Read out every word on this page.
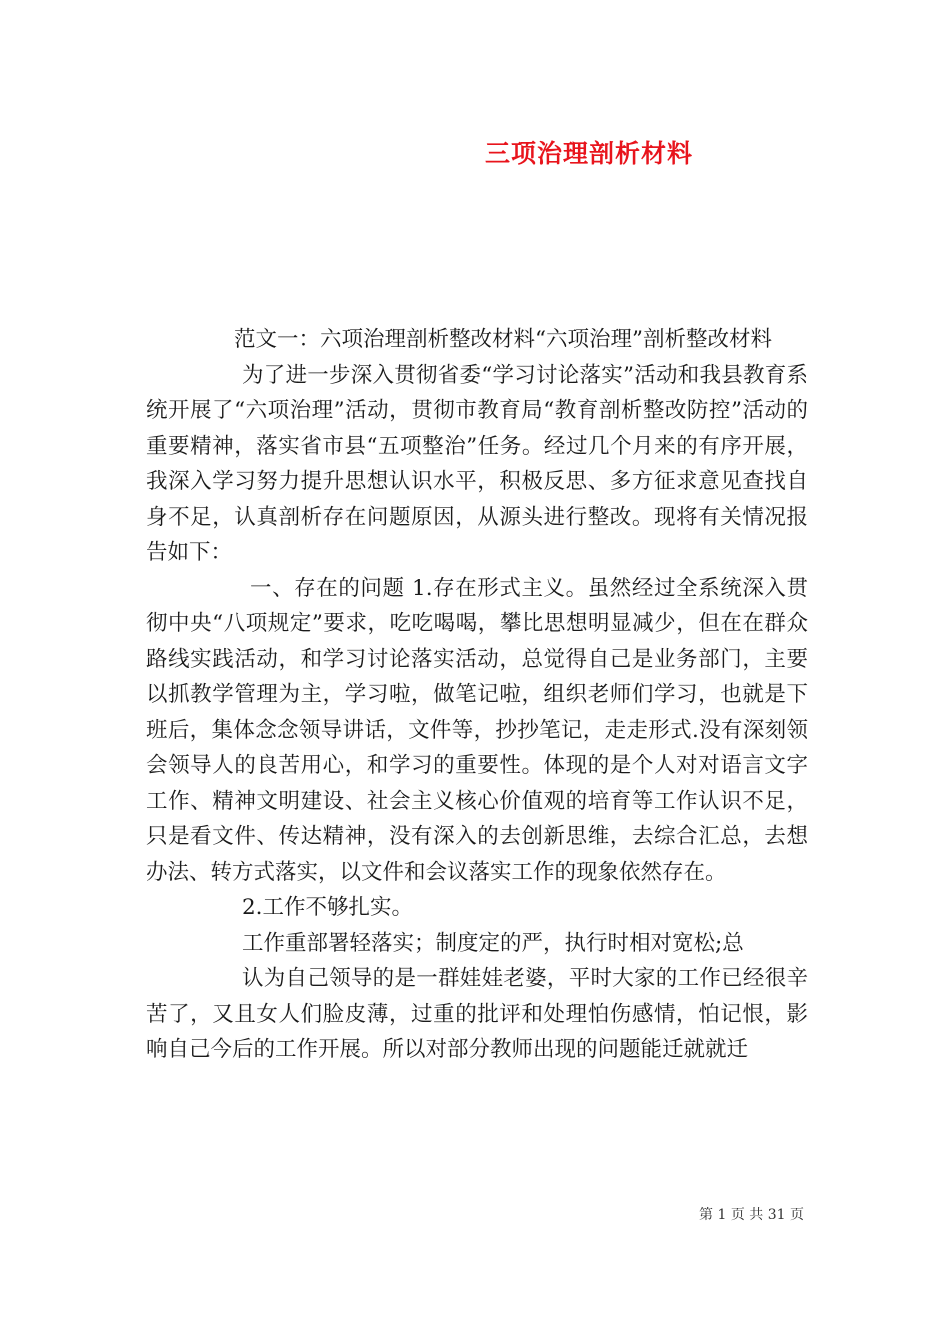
三项治理剖析材料

范文一：六项治理剖析整改材料“六项治理”剖析整改材料

为了进一步深入贯彻省委“学习讨论落实”活动和我县教育系统开展了“六项治理”活动，贯彻市教育局“教育剖析整改防控”活动的重要精神，落实省市县“五项整治”任务。经过几个月来的有序开展，我深入学习努力提升思想认识水平，积极反思、多方征求意见查找自身不足，认真剖析存在问题原因，从源头进行整改。现将有关情况报告如下：

一、存在的问题 1.存在形式主义。虽然经过全系统深入贯彻中央“八项规定”要求，吃吃喝喝，攀比思想明显减少，但在在群众路线实践活动，和学习讨论落实活动，总觉得自己是业务部门，主要以抓教学管理为主，学习啦，做笔记啦，组织老师们学习，也就是下班后，集体念念领导讲话，文件等，抄抄笔记，走走形式.没有深刻领会领导人的良苦用心，和学习的重要性。体现的是个人对对语言文字工作、精神文明建设、社会主义核心价值观的培育等工作认识不足，只是看文件、传达精神，没有深入的去创新思维，去综合汇总，去想办法、转方式落实，以文件和会议落实工作的现象依然存在。

2.工作不够扎实。

工作重部署轻落实；制度定的严，执行时相对宽松;总

认为自己领导的是一群娃娃老婆，平时大家的工作已经很辛苦了，又且女人们脸皮薄，过重的批评和处理怕伤感情，怕记恨，影响自己今后的工作开展。所以对部分教师出现的问题能迁就就迁

第 1 页 共 31 页
